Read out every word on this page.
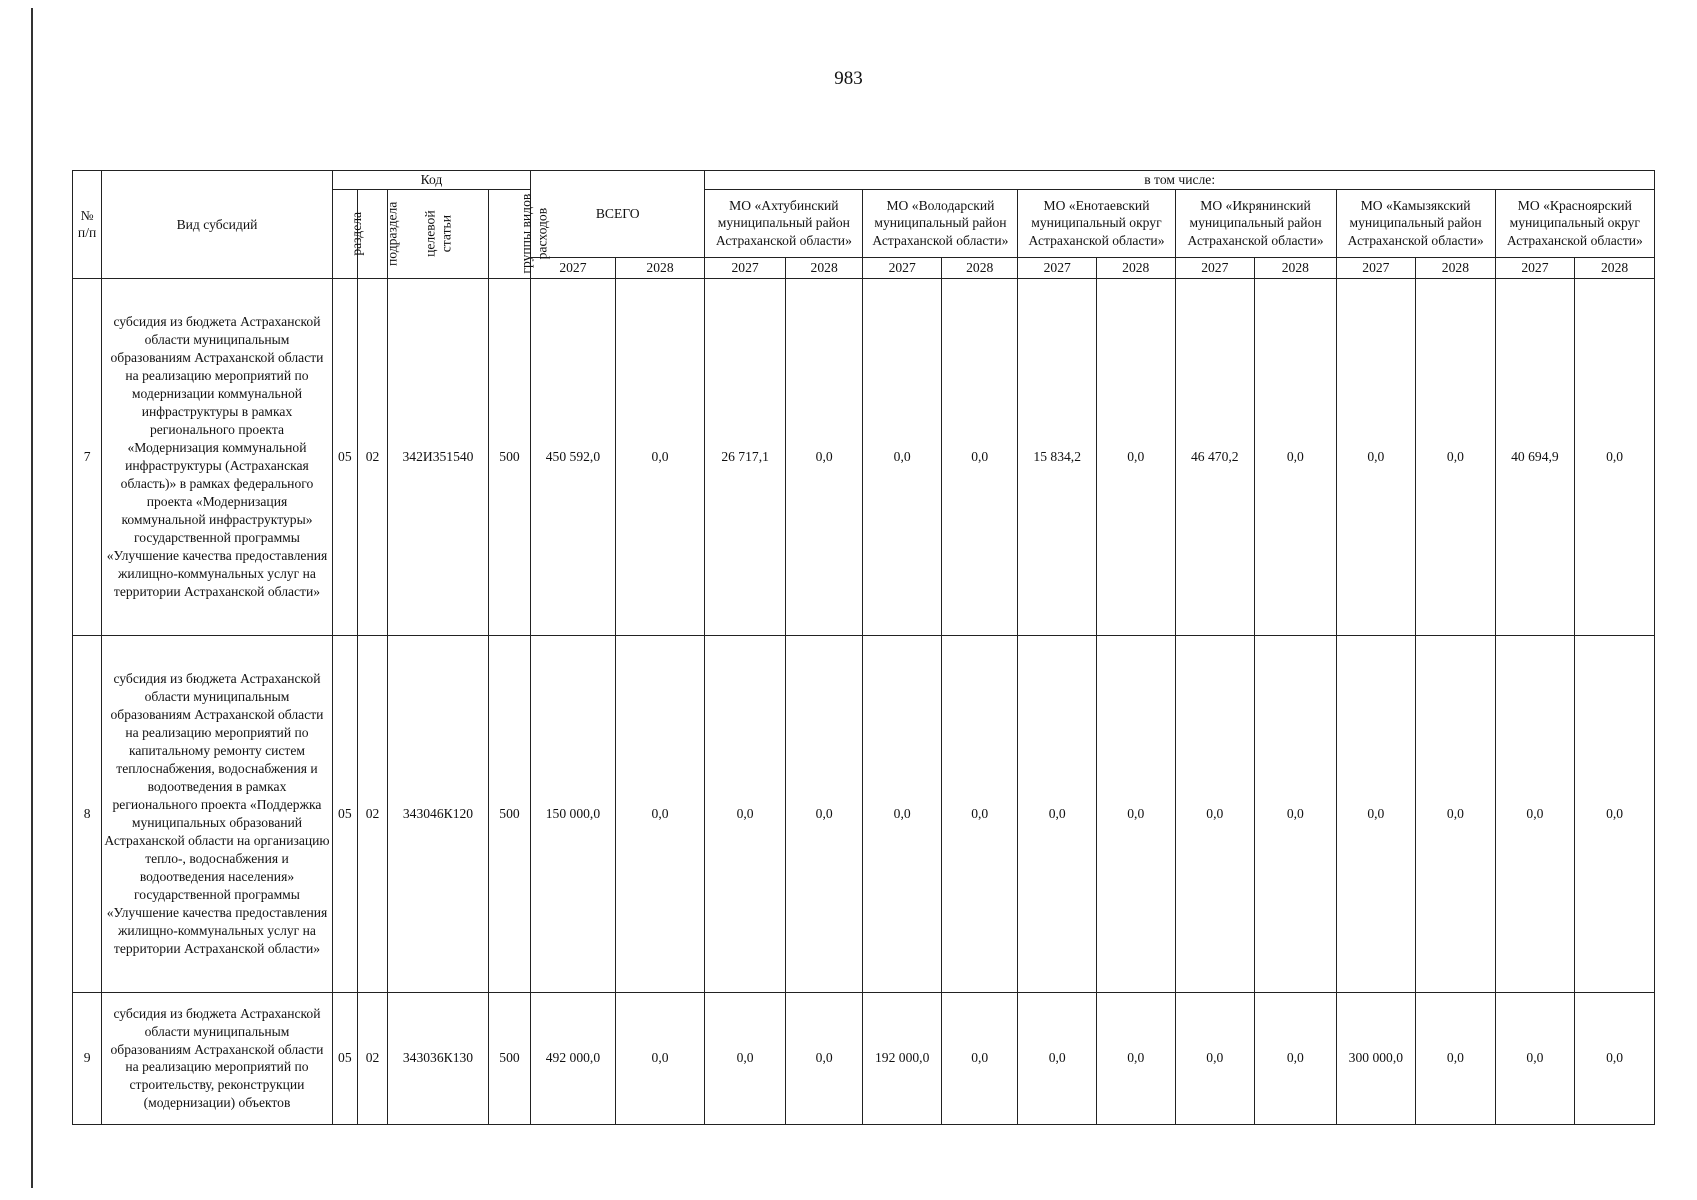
983
№ п/п	Вид субсидий	Код				ВСЕГО		в том числе:											
		раздела	подраздела	целевой статьи	группы видов расходов			МО «Ахтубинский муниципальный район Астраханской области»		МО «Володарский муниципальный район Астраханской области»		МО «Енотаевский муниципальный округ Астраханской области»		МО «Икрянинский муниципальный район Астраханской области»		МО «Камызякский муниципальный район Астраханской области»		МО «Красноярский муниципальный округ Астраханской области»	
						2027	2028	2027	2028	2027	2028	2027	2028	2027	2028	2027	2028	2027	2028
7	субсидия из бюджета Астраханской области муниципальным образованиям Астраханской области на реализацию мероприятий по модернизации коммунальной инфраструктуры в рамках регионального проекта «Модернизация коммунальной инфраструктуры (Астраханская область)» в рамках федерального проекта «Модернизация коммунальной инфраструктуры» государственной программы «Улучшение качества предоставления жилищно-коммунальных услуг на территории Астраханской области»	05	02	342И351540	500	450 592,0	0,0	26 717,1	0,0	0,0	0,0	15 834,2	0,0	46 470,2	0,0	0,0	0,0	40 694,9	0,0
8	субсидия из бюджета Астраханской области муниципальным образованиям Астраханской области на реализацию мероприятий по капитальному ремонту систем теплоснабжения, водоснабжения и водоотведения в рамках регионального проекта «Поддержка муниципальных образований Астраханской области на организацию тепло-, водоснабжения и водоотведения населения» государственной программы «Улучшение качества предоставления жилищно-коммунальных услуг на территории Астраханской области»	05	02	343046К120	500	150 000,0	0,0	0,0	0,0	0,0	0,0	0,0	0,0	0,0	0,0	0,0	0,0	0,0	0,0
9	субсидия из бюджета Астраханской области муниципальным образованиям Астраханской области на реализацию мероприятий по строительству, реконструкции (модернизации) объектов	05	02	343036К130	500	492 000,0	0,0	0,0	0,0	192 000,0	0,0	0,0	0,0	0,0	0,0	300 000,0	0,0	0,0	0,0
